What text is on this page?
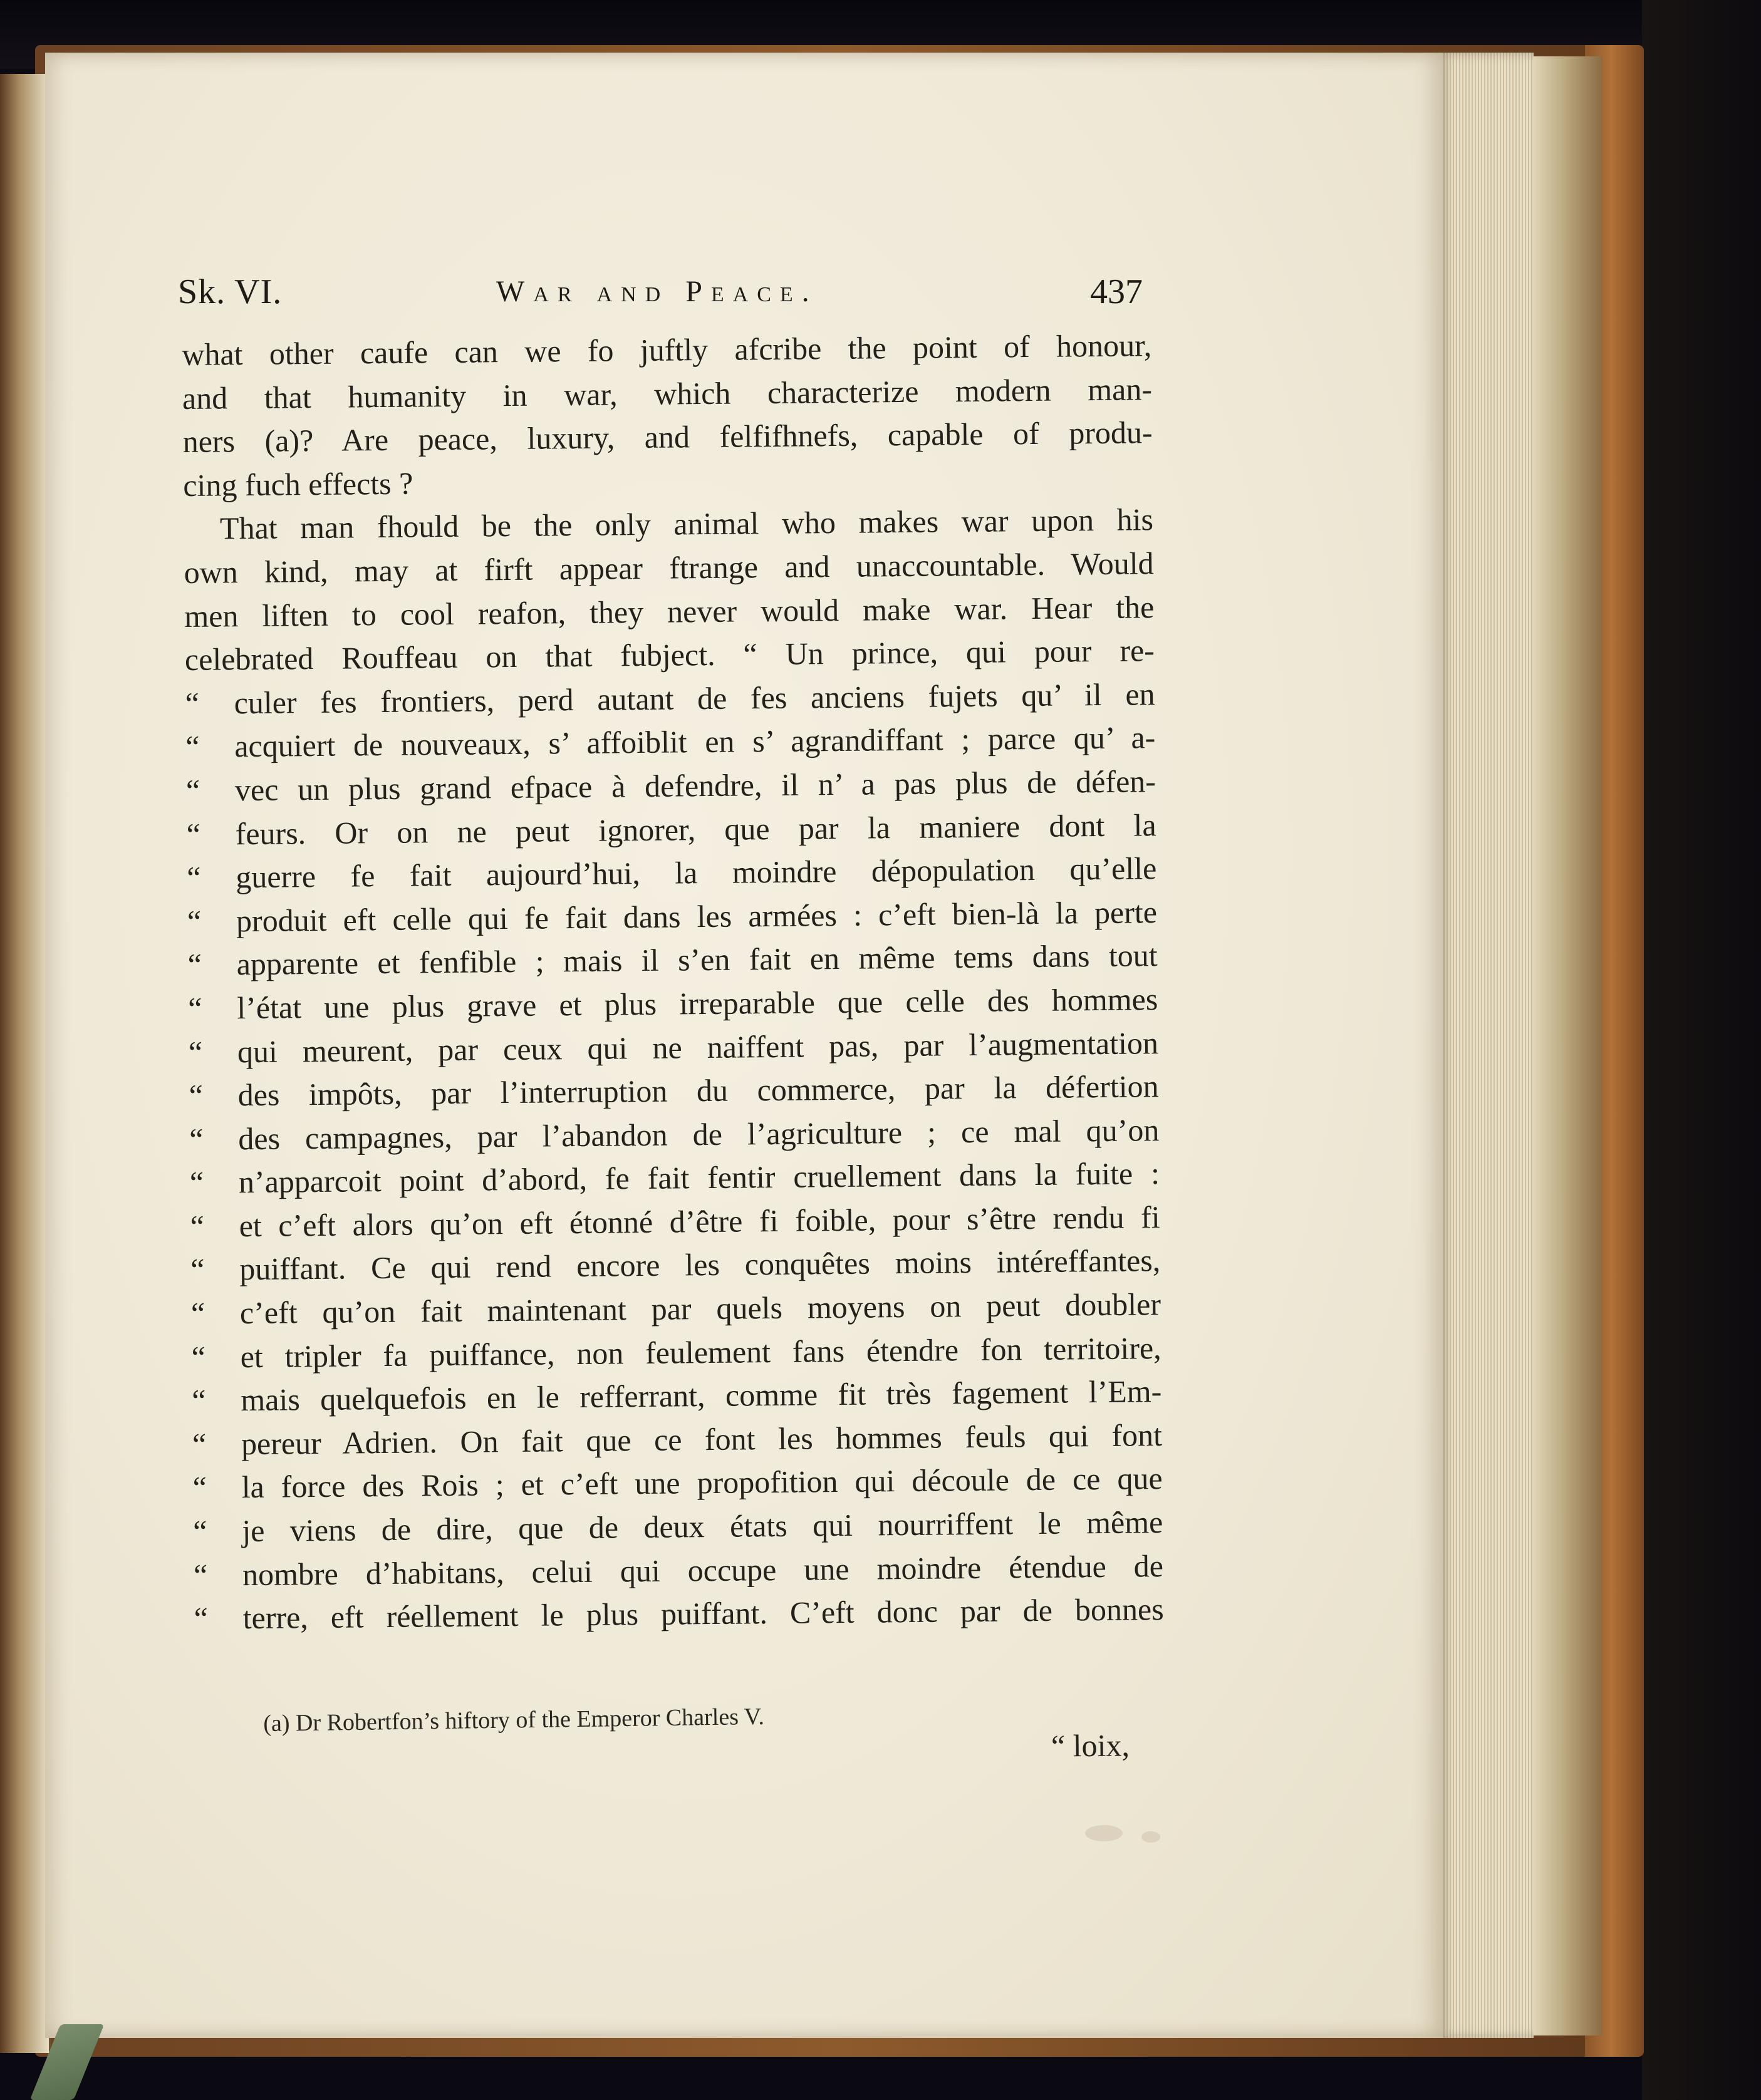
Sk. VI.	War and Peace.	437
what other caufe can we fo juftly afcribe the point of honour,
and that humanity in war, which characterize modern man-
ners (a)? Are peace, luxury, and felfifhnefs, capable of produ-
cing fuch effects ?
That man fhould be the only animal who makes war upon his
own kind, may at firft appear ftrange and unaccountable. Would
men liften to cool reafon, they never would make war. Hear the
celebrated Rouffeau on that fubject. “ Un prince, qui pour re-
“ culer fes frontiers, perd autant de fes anciens fujets qu’ il en
“ acquiert de nouveaux, s’ affoiblit en s’ agrandiffant ; parce qu’ a-
“ vec un plus grand efpace à defendre, il n’ a pas plus de défen-
“ feurs. Or on ne peut ignorer, que par la maniere dont la
“ guerre fe fait aujourd’hui, la moindre dépopulation qu’elle
“ produit eft celle qui fe fait dans les armées : c’eft bien-là la perte
“ apparente et fenfible ; mais il s’en fait en même tems dans tout
“ l’état une plus grave et plus irreparable que celle des hommes
“ qui meurent, par ceux qui ne naiffent pas, par l’augmentation
“ des impôts, par l’interruption du commerce, par la défertion
“ des campagnes, par l’abandon de l’agriculture ; ce mal qu’on
“ n’apparcoit point d’abord, fe fait fentir cruellement dans la fuite :
“ et c’eft alors qu’on eft étonné d’être fi foible, pour s’être rendu fi
“ puiffant. Ce qui rend encore les conquêtes moins intéreffantes,
“ c’eft qu’on fait maintenant par quels moyens on peut doubler
“ et tripler fa puiffance, non feulement fans étendre fon territoire,
“ mais quelquefois en le refferrant, comme fit très fagement l’Em-
“ pereur Adrien. On fait que ce font les hommes feuls qui font
“ la force des Rois ; et c’eft une propofition qui découle de ce que
“ je viens de dire, que de deux états qui nourriffent le même
“ nombre d’habitans, celui qui occupe une moindre étendue de
“ terre, eft réellement le plus puiffant. C’eft donc par de bonnes
(a) Dr Robertfon’s hiftory of the Emperor Charles V.
“ loix,
